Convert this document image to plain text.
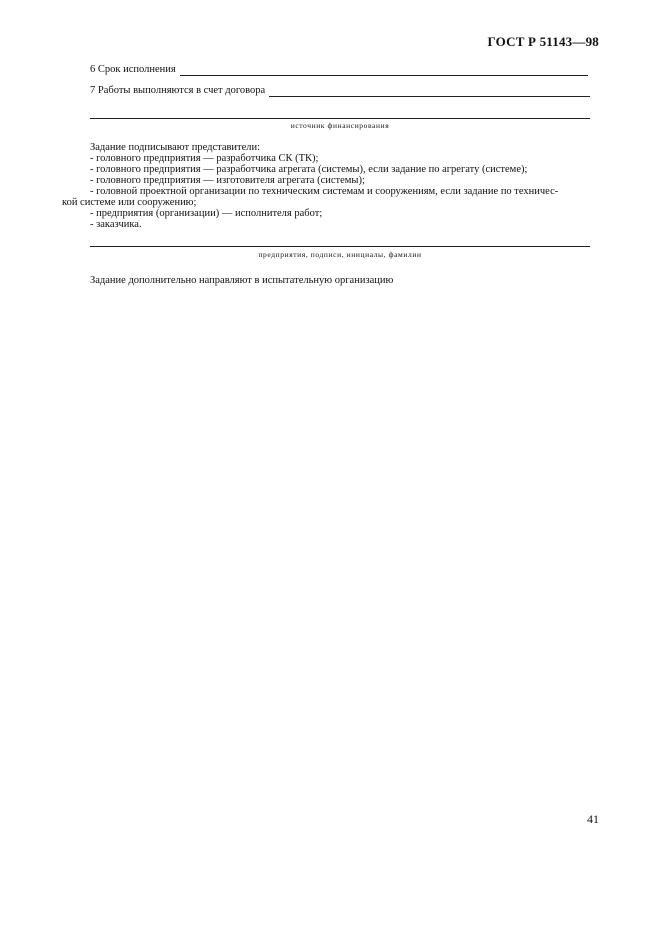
ГОСТ Р 51143—98
6 Срок исполнения
7 Работы выполняются в счет договора
источник финансирования
Задание подписывают представители:
- головного предприятия — разработчика СК (ТК);
- головного предприятия — разработчика агрегата (системы), если задание по агрегату (системе);
- головного предприятия — изготовителя агрегата (системы);
- головной проектной организации по техническим системам и сооружениям, если задание по техничес-
кой системе или сооружению;
- предприятия (организации) — исполнителя работ;
- заказчика.
предприятия, подписи, инициалы, фамилии
Задание дополнительно направляют в испытательную организацию
41
